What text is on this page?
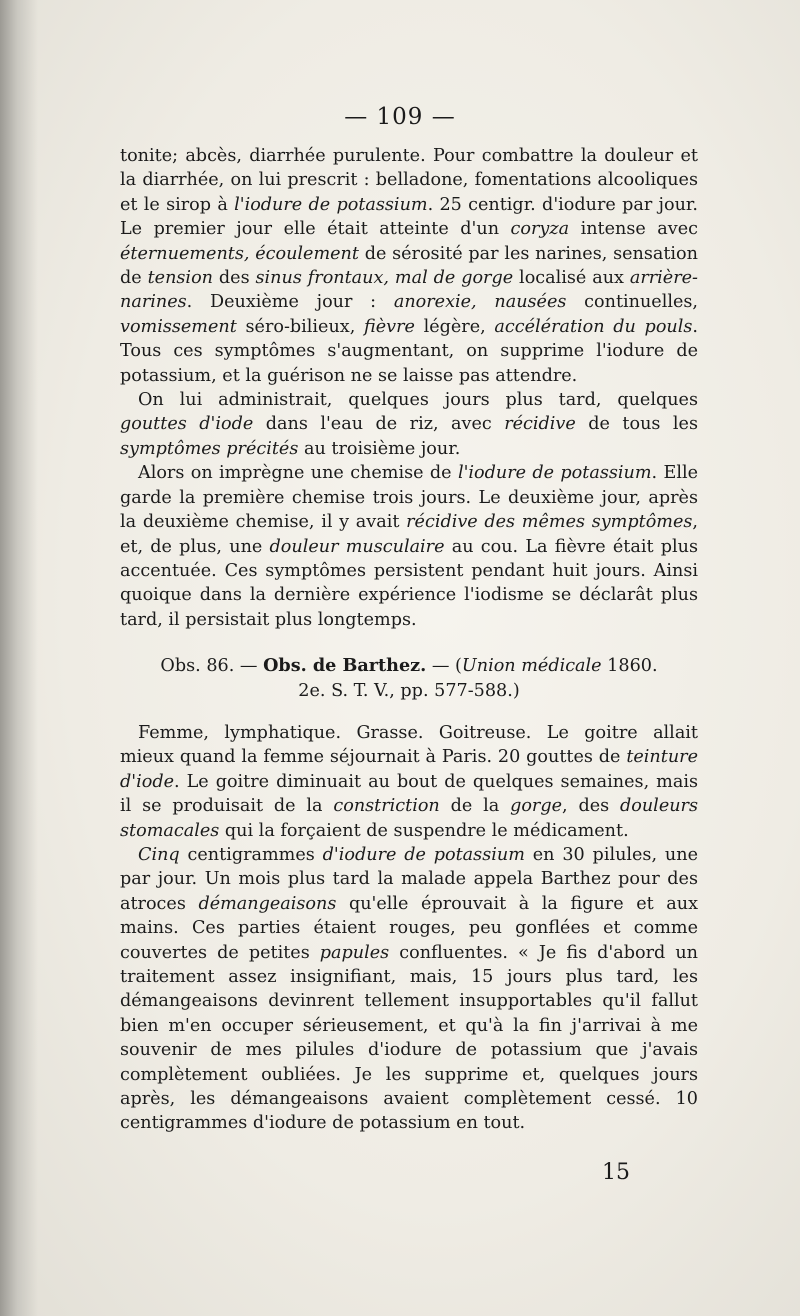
— 109 —

tonite; abcès, diarrhée purulente. Pour combattre la douleur et la diarrhée, on lui prescrit : belladone, fomentations alcooliques et le sirop à l'iodure de potassium. 25 centigr. d'iodure par jour. Le premier jour elle était atteinte d'un coryza intense avec éternuements, écoulement de sérosité par les narines, sensation de tension des sinus frontaux, mal de gorge localisé aux arrière-narines. Deuxième jour : anorexie, nausées continuelles, vomissement séro-bilieux, fièvre légère, accélération du pouls. Tous ces symptômes s'augmentant, on supprime l'iodure de potassium, et la guérison ne se laisse pas attendre.

On lui administrait, quelques jours plus tard, quelques gouttes d'iode dans l'eau de riz, avec récidive de tous les symptômes précités au troisième jour.

Alors on imprègne une chemise de l'iodure de potassium. Elle garde la première chemise trois jours. Le deuxième jour, après la deuxième chemise, il y avait récidive des mêmes symptômes, et, de plus, une douleur musculaire au cou. La fièvre était plus accentuée. Ces symptômes persistent pendant huit jours. Ainsi quoique dans la dernière expérience l'iodisme se déclarât plus tard, il persistait plus longtemps.

Obs. 86. — Obs. de Barthez. — (Union médicale 1860.
2e. S. T. V., pp. 577-588.)

Femme, lymphatique. Grasse. Goitreuse. Le goitre allait mieux quand la femme séjournait à Paris. 20 gouttes de teinture d'iode. Le goitre diminuait au bout de quelques semaines, mais il se produisait de la constriction de la gorge, des douleurs stomacales qui la forçaient de suspendre le médicament.

Cinq centigrammes d'iodure de potassium en 30 pilules, une par jour. Un mois plus tard la malade appela Barthez pour des atroces démangeaisons qu'elle éprouvait à la figure et aux mains. Ces parties étaient rouges, peu gonflées et comme couvertes de petites papules confluentes. « Je fis d'abord un traitement assez insignifiant, mais, 15 jours plus tard, les démangeaisons devinrent tellement insupportables qu'il fallut bien m'en occuper sérieusement, et qu'à la fin j'arrivai à me souvenir de mes pilules d'iodure de potassium que j'avais complètement oubliées. Je les supprime et, quelques jours après, les démangeaisons avaient complètement cessé. 10 centigrammes d'iodure de potassium en tout.

15
